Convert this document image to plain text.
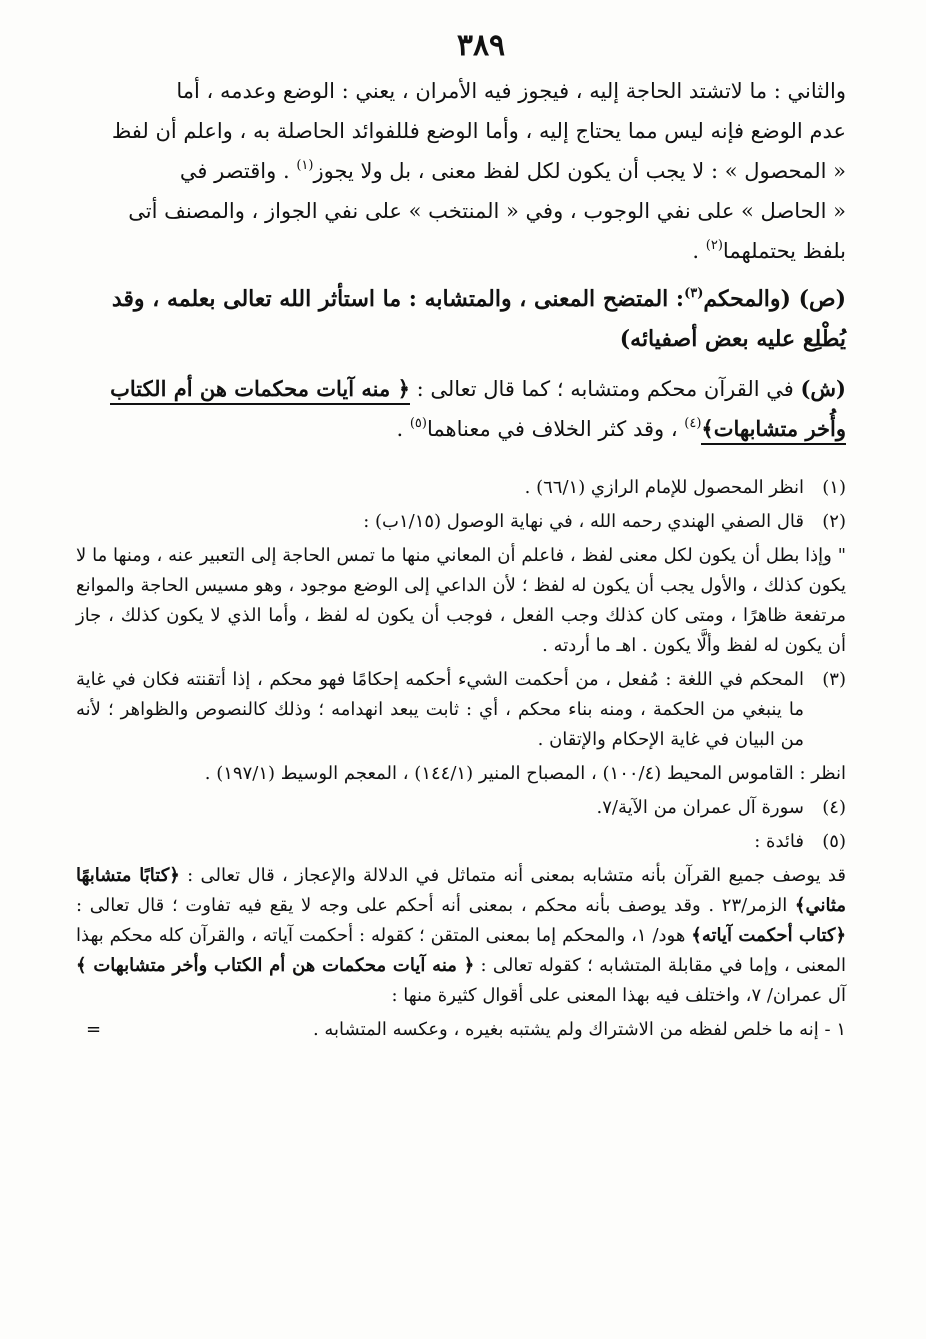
٣٨٩

والثاني : ما لاتشتد الحاجة إليه ، فيجوز فيه الأمران ، يعني : الوضع وعدمه ، أما

عدم الوضع فإنه ليس مما يحتاج إليه ، وأما الوضع فللفوائد الحاصلة به ، واعلم أن لفظ

« المحصول » : لا يجب أن يكون لكل لفظ معنى ، بل ولا يجوز$^{(١)}$ . واقتصر في

« الحاصل » على نفي الوجوب ، وفي « المنتخب » على نفي الجواز ، والمصنف أتى

بلفظ يحتملهما$^{(٢)}$ .

(ص) (والمحكم$^{(٣)}$: المتضح المعنى ، والمتشابه : ما استأثر الله تعالى بعلمه ، وقد يُطْلِع عليه بعض أصفيائه)
(ش) في القرآن محكم ومتشابه ؛ كما قال تعالى : ﴿ منه آيات محكمات هن أم الكتاب وأُخر متشابهات﴾$^{(٤)}$ ، وقد كثر الخلاف في معناهما$^{(٥)}$ .
(١)

انظر المحصول للإمام الرازي (٦٦/١) .

(٢)

قال الصفي الهندي رحمه الله ، في نهاية الوصول (١/١٥ب) :

" وإذا بطل أن يكون لكل معنى لفظ ، فاعلم أن المعاني منها ما تمس الحاجة إلى التعبير عنه ، ومنها ما لا يكون كذلك ، والأول يجب أن يكون له لفظ ؛ لأن الداعي إلى الوضع موجود ، وهو مسيس الحاجة والموانع مرتفعة ظاهرًا ، ومتى كان كذلك وجب الفعل ، فوجب أن يكون له لفظ ، وأما الذي لا يكون كذلك ، جاز أن يكون له لفظ وألَّا يكون . اهـ ما أردته .
(٣)

المحكم في اللغة : مُفعل ، من أحكمت الشيء أحكمه إحكامًا فهو محكم ، إذا أتقنته فكان في غاية ما ينبغي من الحكمة ، ومنه بناء محكم ، أي : ثابت يبعد انهدامه ؛ وذلك كالنصوص والظواهر ؛ لأنه من البيان في غاية الإحكام والإتقان .

انظر : القاموس المحيط (١٠٠/٤) ، المصباح المنير (١٤٤/١) ، المعجم الوسيط (١٩٧/١) .
(٤)

سورة آل عمران من الآية/٧.

(٥)

فائدة :

قد يوصف جميع القرآن بأنه متشابه بمعنى أنه متماثل في الدلالة والإعجاز ، قال تعالى : ﴿كتابًا متشابهًا مثاني﴾ الزمر/٢٣ . وقد يوصف بأنه محكم ، بمعنى أنه أحكم على وجه لا يقع فيه تفاوت ؛ قال تعالى : ﴿كتاب أحكمت آياته﴾ هود/ ١، والمحكم إما بمعنى المتقن ؛ كقوله : أحكمت آياته ، والقرآن كله محكم بهذا المعنى ، وإما في مقابلة المتشابه ؛ كقوله تعالى : ﴿ منه آيات محكمات هن أم الكتاب وأخر متشابهات ﴾ آل عمران/ ٧، واختلف فيه بهذا المعنى على أقوال كثيرة منها :
١ - إنه ما خلص لفظه من الاشتراك ولم يشتبه بغيره ، وعكسه المتشابه .
=
